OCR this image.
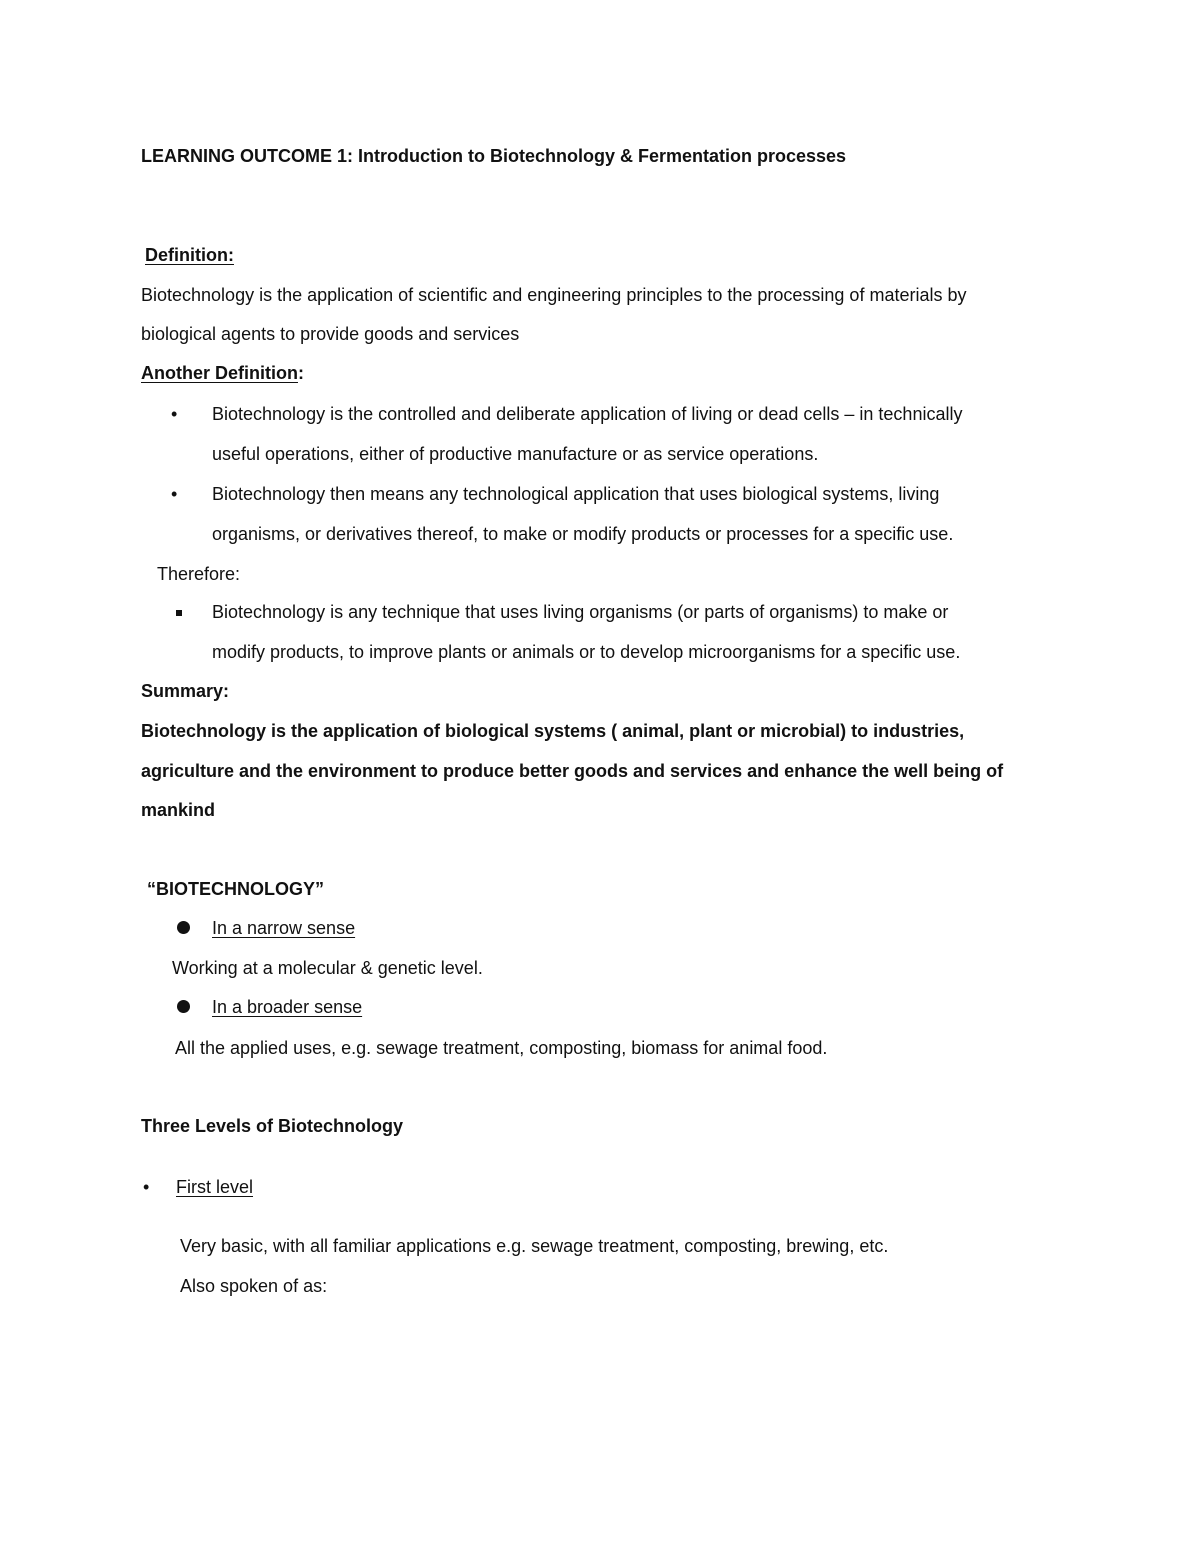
LEARNING OUTCOME 1: Introduction to Biotechnology & Fermentation processes
Definition:
Biotechnology is the application of scientific and engineering principles to the processing of materials by
biological agents to provide goods and services
Another Definition:
• Biotechnology is the controlled and deliberate application of living or dead cells – in technically
useful operations, either of productive manufacture or as service operations.
• Biotechnology then means any technological application that uses biological systems, living
organisms, or derivatives thereof, to make or modify products or processes for a specific use.
Therefore:
Biotechnology is any technique that uses living organisms (or parts of organisms) to make or
modify products, to improve plants or animals or to develop microorganisms for a specific use.
Summary:
Biotechnology is the application of biological systems ( animal, plant or microbial) to industries,
agriculture and the environment to produce better goods and services and enhance the well being of
mankind
“BIOTECHNOLOGY”
In a narrow sense
Working at a molecular & genetic level.
In a broader sense
All the applied uses, e.g. sewage treatment, composting, biomass for animal food.
Three Levels of Biotechnology
• First level
Very basic, with all familiar applications e.g. sewage treatment, composting, brewing, etc.
Also spoken of as:
